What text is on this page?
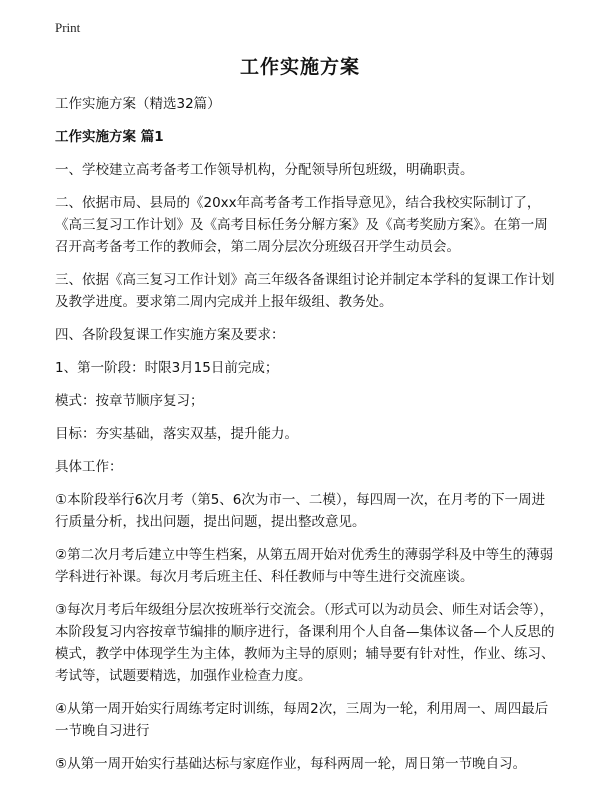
Print
工作实施方案

工作实施方案（精选32篇）

工作实施方案 篇1

一、学校建立高考备考工作领导机构，分配领导所包班级，明确职责。

二、依据市局、县局的《20xx年高考备考工作指导意见》，结合我校实际制订了，《高三复习工作计划》及《高考目标任务分解方案》及《高考奖励方案》。在第一周召开高考备考工作的教师会，第二周分层次分班级召开学生动员会。

三、依据《高三复习工作计划》高三年级各备课组讨论并制定本学科的复课工作计划及教学进度。要求第二周内完成并上报年级组、教务处。

四、各阶段复课工作实施方案及要求：

1、第一阶段：时限3月15日前完成；

模式：按章节顺序复习；

目标：夯实基础，落实双基，提升能力。

具体工作：

①本阶段举行6次月考（第5、6次为市一、二模），每四周一次，在月考的下一周进行质量分析，找出问题，提出问题，提出整改意见。

②第二次月考后建立中等生档案，从第五周开始对优秀生的薄弱学科及中等生的薄弱学科进行补课。每次月考后班主任、科任教师与中等生进行交流座谈。

③每次月考后年级组分层次按班举行交流会。（形式可以为动员会、师生对话会等），本阶段复习内容按章节编排的顺序进行，备课利用个人自备—集体议备—个人反思的模式，教学中体现学生为主体，教师为主导的原则；辅导要有针对性，作业、练习、考试等，试题要精选，加强作业检查力度。

④从第一周开始实行周练考定时训练，每周2次，三周为一轮，利用周一、周四最后一节晚自习进行

⑤从第一周开始实行基础达标与家庭作业，每科两周一轮，周日第一节晚自习。
